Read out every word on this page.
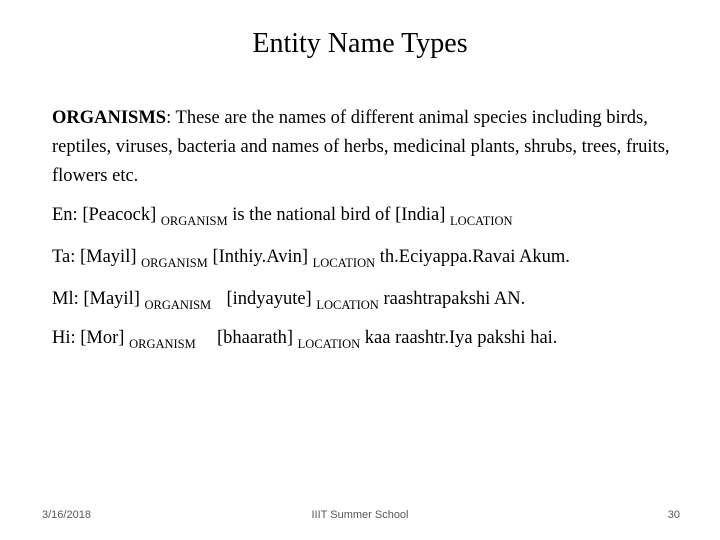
Entity Name Types
ORGANISMS: These are the names of different animal species including birds, reptiles, viruses, bacteria and names of herbs, medicinal plants, shrubs, trees, fruits, flowers etc.
En: [Peacock] $_{ORGANISM}$ is the national bird of [India] $_{LOCATION}$
Ta: [Mayil] $_{ORGANISM}$ [Inthiy.Avin] $_{LOCATION}$ th.Eciyappa.Ravai Akum.
Ml: [Mayil] $_{ORGANISM}$ [indyayute] $_{LOCATION}$ raashtrapakshi AN.
Hi: [Mor] $_{ORGANISM}$ [bhaarath] $_{LOCATION}$ kaa raashtr.Iya pakshi hai.
3/16/2018	IIIT Summer School	30
